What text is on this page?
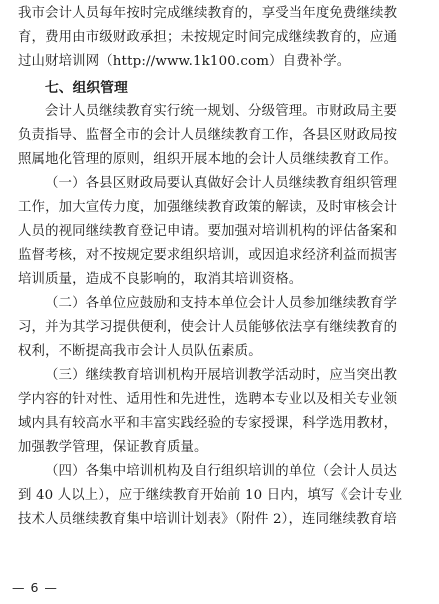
我市会计人员每年按时完成继续教育的，享受当年度免费继续教
育，费用由市级财政承担；未按规定时间完成继续教育的，应通
过山财培训网（http://www.1k100.com）自费补学。

七、组织管理

会计人员继续教育实行统一规划、分级管理。市财政局主要
负责指导、监督全市的会计人员继续教育工作，各县区财政局按
照属地化管理的原则，组织开展本地的会计人员继续教育工作。

（一）各县区财政局要认真做好会计人员继续教育组织管理
工作，加大宣传力度，加强继续教育政策的解读，及时审核会计
人员的视同继续教育登记申请。要加强对培训机构的评估备案和
监督考核，对不按规定要求组织培训，或因追求经济利益而损害
培训质量，造成不良影响的，取消其培训资格。

（二）各单位应鼓励和支持本单位会计人员参加继续教育学
习，并为其学习提供便利，使会计人员能够依法享有继续教育的
权利，不断提高我市会计人员队伍素质。

（三）继续教育培训机构开展培训教学活动时，应当突出教
学内容的针对性、适用性和先进性，选聘本专业以及相关专业领
域内具有较高水平和丰富实践经验的专家授课，科学选用教材，
加强教学管理，保证教育质量。

（四）各集中培训机构及自行组织培训的单位（会计人员达
到 40 人以上），应于继续教育开始前 10 日内，填写《会计专业
技术人员继续教育集中培训计划表》（附件 2），连同继续教育培

— 6 —
